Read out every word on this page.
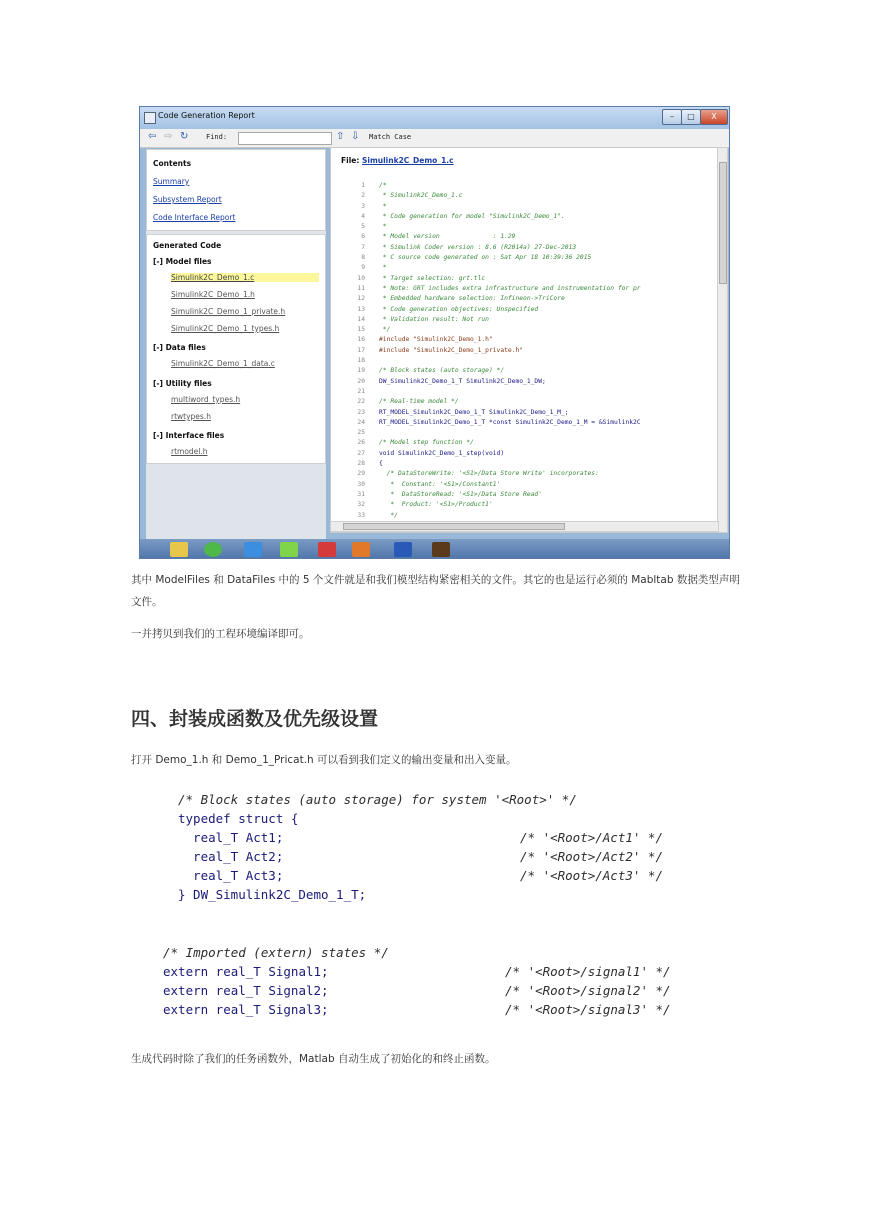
Code Generation Report	–	□	X
⇦ ⇨ ↻	Find:	⇧ ⇩ Match Case
Contents
Summary
Subsystem Report
Code Interface Report
Generated Code
[-] Model files
Simulink2C_Demo_1.c
Simulink2C_Demo_1.h
Simulink2C_Demo_1_private.h
Simulink2C_Demo_1_types.h
[-] Data files
Simulink2C_Demo_1_data.c
[-] Utility files
multiword_types.h
rtwtypes.h
[-] Interface files
rtmodel.h
File: Simulink2C_Demo_1.c
1 /*
2 * Simulink2C_Demo_1.c
3 *
4 * Code generation for model "Simulink2C_Demo_1".
5 *
6 * Model version              : 1.29
7 * Simulink Coder version : 8.6 (R2014a) 27-Dec-2013
8 * C source code generated on : Sat Apr 18 10:39:36 2015
9 *
10 * Target selection: grt.tlc
11 * Note: GRT includes extra infrastructure and instrumentation for pr
12 * Embedded hardware selection: Infineon->TriCore
13 * Code generation objectives: Unspecified
14 * Validation result: Not run
15 */
16 #include "Simulink2C_Demo_1.h"
17 #include "Simulink2C_Demo_1_private.h"
18
19 /* Block states (auto storage) */
20 DW_Simulink2C_Demo_1_T Simulink2C_Demo_1_DW;
21
22 /* Real-time model */
23 RT_MODEL_Simulink2C_Demo_1_T Simulink2C_Demo_1_M_;
24 RT_MODEL_Simulink2C_Demo_1_T *const Simulink2C_Demo_1_M = &Simulink2C
25
26 /* Model step function */
27 void Simulink2C_Demo_1_step(void)
28 {
29 /* DataStoreWrite: '<S1>/Data Store Write' incorporates:
30 *  Constant: '<S1>/Constant1'
31 *  DataStoreRead: '<S1>/Data Store Read'
32 *  Product: '<S1>/Product1'
33 */
其中 ModelFiles 和 DataFiles 中的 5 个文件就是和我们模型结构紧密相关的文件。其它的也是运行必须的 Mabltab 数据类型声明文件。
一并拷贝到我们的工程环境编译即可。
四、封装成函数及优先级设置
打开 Demo_1.h 和 Demo_1_Pricat.h 可以看到我们定义的输出变量和出入变量。
/* Block states (auto storage) for system '<Root>' */
typedef struct {
real_T Act1;	/* '<Root>/Act1' */
real_T Act2;	/* '<Root>/Act2' */
real_T Act3;	/* '<Root>/Act3' */
} DW_Simulink2C_Demo_1_T;
/* Imported (extern) states */
extern real_T Signal1;	/* '<Root>/signal1' */
extern real_T Signal2;	/* '<Root>/signal2' */
extern real_T Signal3;	/* '<Root>/signal3' */
生成代码时除了我们的任务函数外，Matlab 自动生成了初始化的和终止函数。
